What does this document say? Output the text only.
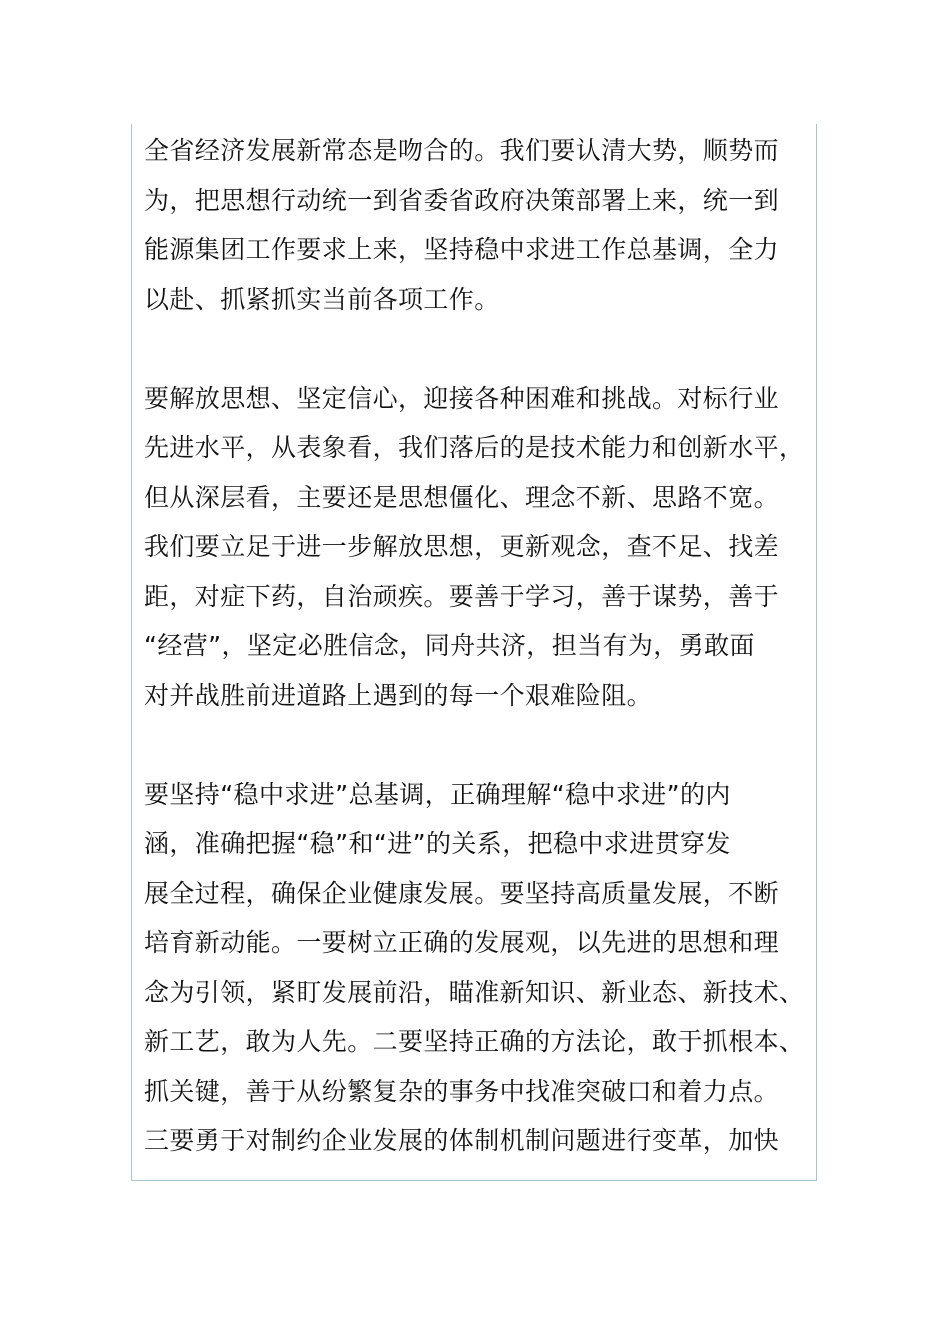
全省经济发展新常态是吻合的。我们要认清大势，顺势而
为，把思想行动统一到省委省政府决策部署上来，统一到
能源集团工作要求上来，坚持稳中求进工作总基调，全力
以赴、抓紧抓实当前各项工作。
要解放思想、坚定信心，迎接各种困难和挑战。对标行业
先进水平，从表象看，我们落后的是技术能力和创新水平，
但从深层看，主要还是思想僵化、理念不新、思路不宽。
我们要立足于进一步解放思想，更新观念，查不足、找差
距，对症下药，自治顽疾。要善于学习，善于谋势，善于
“经营”，坚定必胜信念，同舟共济，担当有为，勇敢面
对并战胜前进道路上遇到的每一个艰难险阻。
要坚持“稳中求进”总基调，正确理解“稳中求进”的内
涵，准确把握“稳”和“进”的关系，把稳中求进贯穿发
展全过程，确保企业健康发展。要坚持高质量发展，不断
培育新动能。一要树立正确的发展观，以先进的思想和理
念为引领，紧盯发展前沿，瞄准新知识、新业态、新技术、
新工艺，敢为人先。二要坚持正确的方法论，敢于抓根本、
抓关键，善于从纷繁复杂的事务中找准突破口和着力点。
三要勇于对制约企业发展的体制机制问题进行变革，加快
